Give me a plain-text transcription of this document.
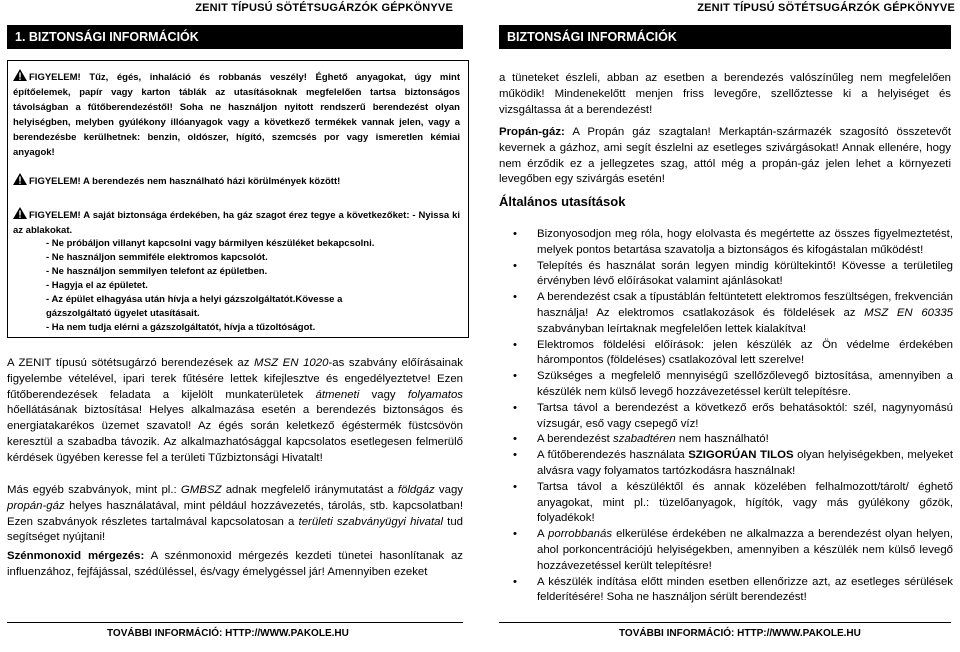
ZENIT TÍPUSÚ SÖTÉTSUGÁRZÓK GÉPKÖNYVE
1. BIZTONSÁGI INFORMÁCIÓK
FIGYELEM! Tűz, égés, inhaláció és robbanás veszély! Éghető anyagokat, úgy mint építőelemek, papír vagy karton táblák az utasításoknak megfelelően tartsa biztonságos távolságban a fűtőberendezéstől! Soha ne használjon nyitott rendszerű berendezést olyan helyiségben, melyben gyúlékony illóanyagok vagy a következő termékek vannak jelen, vagy a berendezésbe kerülhetnek: benzin, oldószer, hígító, szemcsés por vagy ismeretlen kémiai anyagok!
FIGYELEM! A berendezés nem használható házi körülmények között!
FIGYELEM! A saját biztonsága érdekében, ha gáz szagot érez tegye a következőket: - Nyissa ki az ablakokat.
- Ne próbáljon villanyt kapcsolni vagy bármilyen készüléket bekapcsolni.
- Ne használjon semmiféle elektromos kapcsolót.
- Ne használjon semmilyen telefont az épületben.
- Hagyja el az épületet.
- Az épület elhagyása után hívja a helyi gázszolgáltatót.Kövesse a
gázszolgáltató ügyelet utasításait.
- Ha nem tudja elérni a gázszolgáltatót, hívja a tűzoltóságot.
A ZENIT típusú sötétsugárzó berendezések az MSZ EN 1020-as szabvány előírásainak figyelembe vételével, ipari terek fűtésére lettek kifejlesztve és engedélyeztetve! Ezen fűtőberendezések feladata a kijelölt munkaterületek átmeneti vagy folyamatos hőellátásának biztosítása! Helyes alkalmazása esetén a berendezés biztonságos és energiatakarékos üzemet szavatol! Az égés során keletkező égéstermék füstcsövön keresztül a szabadba távozik. Az alkalmazhatósággal kapcsolatos esetlegesen felmerülő kérdések ügyében keresse fel a területi Tűzbiztonsági Hivatalt!
Más egyéb szabványok, mint pl.: GMBSZ adnak megfelelő iránymutatást a földgáz vagy propán-gáz helyes használatával, mint például hozzávezetés, tárolás, stb. kapcsolatban! Ezen szabványok részletes tartalmával kapcsolatosan a területi szabványügyi hivatal tud segítséget nyújtani!
Szénmonoxid mérgezés: A szénmonoxid mérgezés kezdeti tünetei hasonlítanak az influenzához, fejfájással, szédüléssel, és/vagy émelygéssel jár! Amennyiben ezeket
TOVÁBBI INFORMÁCIÓ: HTTP://WWW.PAKOLE.HU
ZENIT TÍPUSÚ SÖTÉTSUGÁRZÓK GÉPKÖNYVE
BIZTONSÁGI INFORMÁCIÓK
a tüneteket észleli, abban az esetben a berendezés valószínűleg nem megfelelően működik! Mindenekelőtt menjen friss levegőre, szellőztesse ki a helyiséget és vizsgáltassa át a berendezést!
Propán-gáz: A Propán gáz szagtalan! Merkaptán-származék szagosító összetevőt kevernek a gázhoz, ami segít észlelni az esetleges szivárgásokat! Annak ellenére, hogy nem érződik ez a jellegzetes szag, attól még a propán-gáz jelen lehet a környezeti levegőben egy szivárgás esetén!
Általános utasítások
• Bizonyosodjon meg róla, hogy elolvasta és megértette az összes figyelmeztetést, melyek pontos betartása szavatolja a biztonságos és kifogástalan működést!
• Telepítés és használat során legyen mindig körültekintő! Kövesse a területileg érvényben lévő előírásokat valamint ajánlásokat!
• A berendezést csak a típustáblán feltüntetett elektromos feszültségen, frekvencián használja! Az elektromos csatlakozások és földelések az MSZ EN 60335 szabványban leírtaknak megfelelően lettek kialakítva!
• Elektromos földelési előírások: jelen készülék az Ön védelme érdekében hárompontos (földeléses) csatlakozóval lett szerelve!
• Szükséges a megfelelő mennyiségű szellőzőlevegő biztosítása, amennyiben a készülék nem külső levegő hozzávezetéssel került telepítésre.
• Tartsa távol a berendezést a következő erős behatásoktól: szél, nagynyomású vízsugár, eső vagy csepegő víz!
• A berendezést szabadtéren nem használható!
• A fűtőberendezés használata SZIGORÚAN TILOS olyan helyiségekben, melyeket alvásra vagy folyamatos tartózkodásra használnak!
• Tartsa távol a készüléktől és annak közelében felhalmozott/tárolt/ éghető anyagokat, mint pl.: tüzelőanyagok, hígítók, vagy más gyúlékony gőzök, folyadékok!
• A porrobbanás elkerülése érdekében ne alkalmazza a berendezést olyan helyen, ahol porkoncentrációjú helyiségekben, amennyiben a készülék nem külső levegő hozzávezetéssel került telepítésre!
• A készülék indítása előtt minden esetben ellenőrizze azt, az esetleges sérülések felderítésére! Soha ne használjon sérült berendezést!
TOVÁBBI INFORMÁCIÓ: HTTP://WWW.PAKOLE.HU
